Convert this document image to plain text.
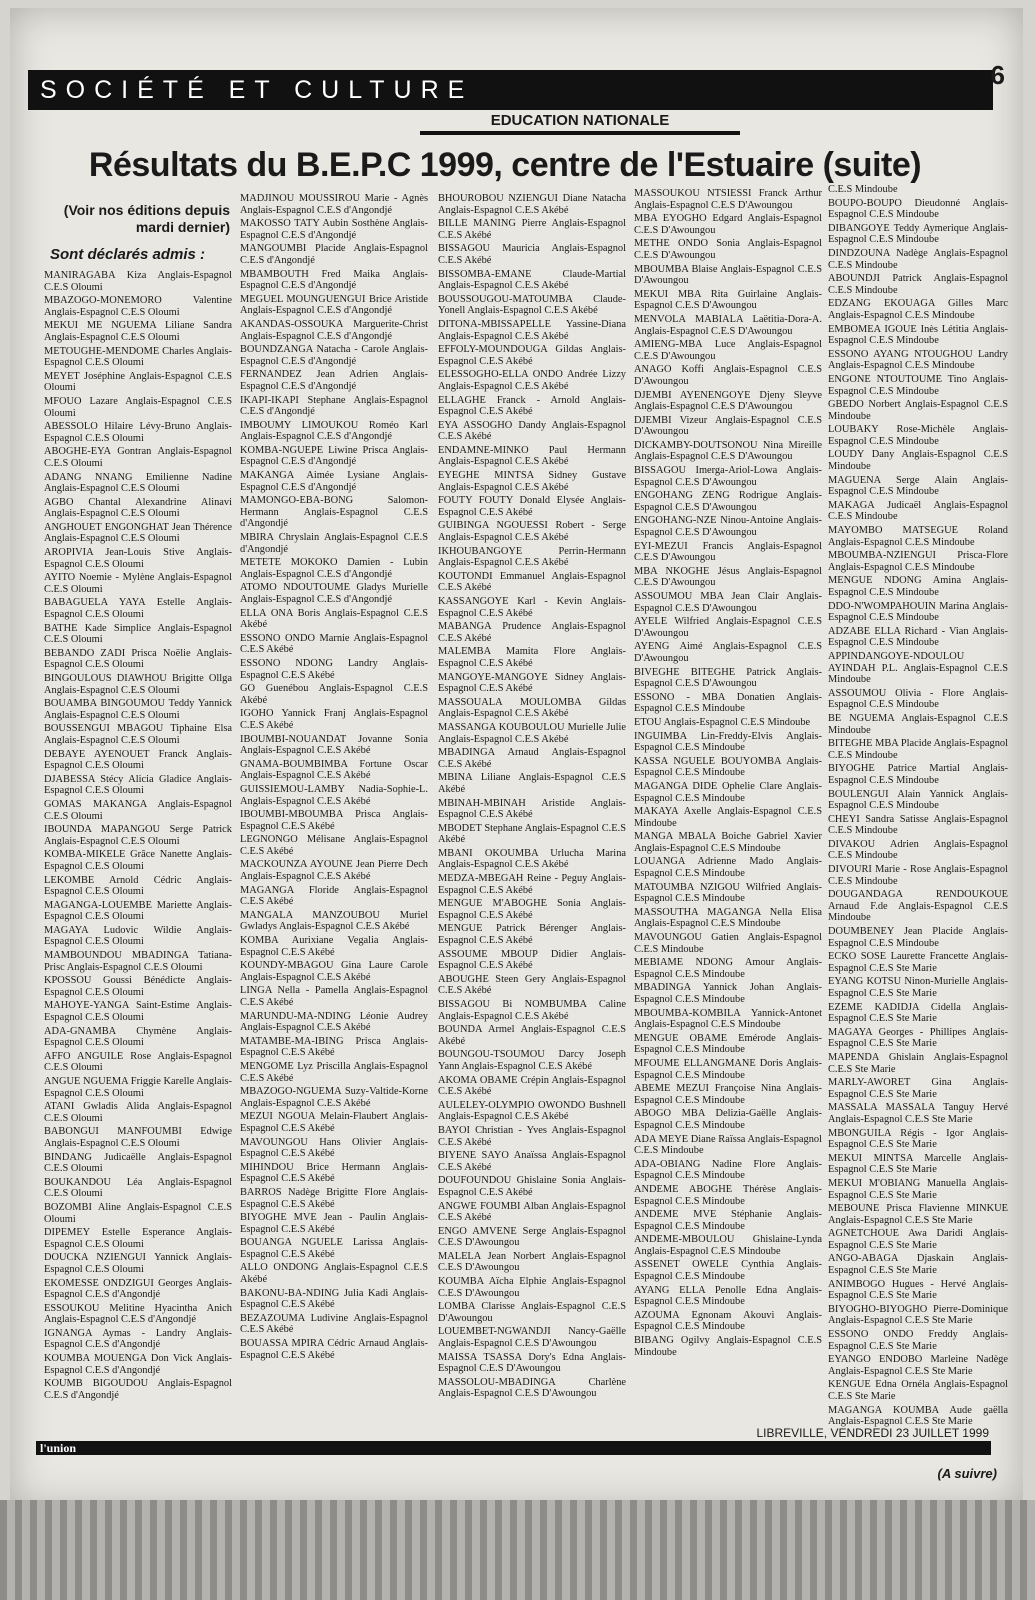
SOCIÉTÉ ET CULTURE	6
EDUCATION NATIONALE
Résultats du B.E.P.C 1999, centre de l'Estuaire (suite)
(Voir nos éditions depuis mardi dernier)
Sont déclarés admis :

MANIRAGABA Kiza Anglais-Espagnol C.E.S Oloumi

MBAZOGO-MONEMORO Valentine Anglais-Espagnol C.E.S Oloumi

MEKUI ME NGUEMA Liliane Sandra Anglais-Espagnol C.E.S Oloumi

METOUGHE-MENDOME Charles Anglais-Espagnol C.E.S Oloumi

MEYET Joséphine Anglais-Espagnol C.E.S Oloumi

MFOUO Lazare Anglais-Espagnol C.E.S Oloumi

ABESSOLO Hilaire Lévy-Bruno Anglais-Espagnol C.E.S Oloumi

ABOGHE-EYA Gontran Anglais-Espagnol C.E.S Oloumi

ADANG NNANG Emilienne Nadine Anglais-Espagnol C.E.S Oloumi

AGBO Chantal Alexandrine Alinavi Anglais-Espagnol C.E.S Oloumi

ANGHOUET ENGONGHAT Jean Thérence Anglais-Espagnol C.E.S Oloumi

AROPIVIA Jean-Louis Stive Anglais-Espagnol C.E.S Oloumi

AYITO Noemie - Mylène Anglais-Espagnol C.E.S Oloumi

BABAGUELA YAYA Estelle Anglais-Espagnol C.E.S Oloumi

BATHE Kade Simplice Anglais-Espagnol C.E.S Oloumi

BEBANDO ZADI Prisca Noëlie Anglais-Espagnol C.E.S Oloumi

BINGOULOUS DIAWHOU Brigitte Ollga Anglais-Espagnol C.E.S Oloumi

BOUAMBA BINGOUMOU Teddy Yannick Anglais-Espagnol C.E.S Oloumi

BOUSSENGUI MBAGOU Tiphaine Elsa Anglais-Espagnol C.E.S Oloumi

DEBAYE AYENOUET Franck Anglais-Espagnol C.E.S Oloumi

DJABESSA Stécy Alicia Gladice Anglais-Espagnol C.E.S Oloumi

GOMAS MAKANGA Anglais-Espagnol C.E.S Oloumi

IBOUNDA MAPANGOU Serge Patrick Anglais-Espagnol C.E.S Oloumi

KOMBA-MIKELE Grâce Nanette Anglais-Espagnol C.E.S Oloumi

LEKOMBE Arnold Cédric Anglais-Espagnol C.E.S Oloumi

MAGANGA-LOUEMBE Mariette Anglais-Espagnol C.E.S Oloumi

MAGAYA Ludovic Wildie Anglais-Espagnol C.E.S Oloumi

MAMBOUNDOU MBADINGA Tatiana-Prisc Anglais-Espagnol C.E.S Oloumi

KPOSSOU Goussi Bénédicte Anglais-Espagnol C.E.S Oloumi

MAHOYE-YANGA Saint-Estime Anglais-Espagnol C.E.S Oloumi

ADA-GNAMBA Chymène Anglais-Espagnol C.E.S Oloumi

AFFO ANGUILE Rose Anglais-Espagnol C.E.S Oloumi

ANGUE NGUEMA Friggie Karelle Anglais-Espagnol C.E.S Oloumi

ATANI Gwladis Alida Anglais-Espagnol C.E.S Oloumi

BABONGUI MANFOUMBI Edwige Anglais-Espagnol C.E.S Oloumi

BINDANG Judicaëlle Anglais-Espagnol C.E.S Oloumi

BOUKANDOU Léa Anglais-Espagnol C.E.S Oloumi

BOZOMBI Aline Anglais-Espagnol C.E.S Oloumi

DIPEMEY Estelle Esperance Anglais-Espagnol C.E.S Oloumi

DOUCKA NZIENGUI Yannick Anglais-Espagnol C.E.S Oloumi

EKOMESSE ONDZIGUI Georges Anglais-Espagnol C.E.S d'Angondjé

ESSOUKOU Melitine Hyacintha Anich Anglais-Espagnol C.E.S d'Angondjé

IGNANGA Aymas - Landry Anglais-Espagnol C.E.S d'Angondjé

KOUMBA MOUENGA Don Vick Anglais-Espagnol C.E.S d'Angondjé

KOUMB BIGOUDOU Anglais-Espagnol C.E.S d'Angondjé

MADJINOU MOUSSIROU Marie - Agnès Anglais-Espagnol C.E.S d'Angondjé

MAKOSSO TATY Aubin Sosthène Anglais-Espagnol C.E.S d'Angondjé

MANGOUMBI Placide Anglais-Espagnol C.E.S d'Angondjé

MBAMBOUTH Fred Maika Anglais-Espagnol C.E.S d'Angondjé

MEGUEL MOUNGUENGUI Brice Aristide Anglais-Espagnol C.E.S d'Angondjé

AKANDAS-OSSOUKA Marguerite-Christ Anglais-Espagnol C.E.S d'Angondjé

BOUNDZANGA Natacha - Carole Anglais-Espagnol C.E.S d'Angondjé

FERNANDEZ Jean Adrien Anglais-Espagnol C.E.S d'Angondjé

IKAPI-IKAPI Stephane Anglais-Espagnol C.E.S d'Angondjé

IMBOUMY LIMOUKOU Roméo Karl Anglais-Espagnol C.E.S d'Angondjé

KOMBA-NGUEPE Liwine Prisca Anglais-Espagnol C.E.S d'Angondjé

MAKANGA Aimée Lysiane Anglais-Espagnol C.E.S d'Angondjé

MAMONGO-EBA-BONG Salomon-Hermann Anglais-Espagnol C.E.S d'Angondjé

MBIRA Chryslain Anglais-Espagnol C.E.S d'Angondjé

METETE MOKOKO Damien - Lubin Anglais-Espagnol C.E.S d'Angondjé

ATOMO NDOUTOUME Gladys Murielle Anglais-Espagnol C.E.S d'Angondjé

ELLA ONA Boris Anglais-Espagnol C.E.S Akébé

ESSONO ONDO Marnie Anglais-Espagnol C.E.S Akébé

ESSONO NDONG Landry Anglais-Espagnol C.E.S Akébé

GO Guenébou Anglais-Espagnol C.E.S Akébé

IGOHO Yannick Franj Anglais-Espagnol C.E.S Akébé

IBOUMBI-NOUANDAT Jovanne Sonia Anglais-Espagnol C.E.S Akébé

GNAMA-BOUMBIMBA Fortune Oscar Anglais-Espagnol C.E.S Akébé

GUISSIEMOU-LAMBY Nadia-Sophie-L. Anglais-Espagnol C.E.S Akébé

IBOUMBI-MBOUMBA Prisca Anglais-Espagnol C.E.S Akébé

LEGNONGO Mélisane Anglais-Espagnol C.E.S Akébé

MACKOUNZA AYOUNE Jean Pierre Dech Anglais-Espagnol C.E.S Akébé

MAGANGA Floride Anglais-Espagnol C.E.S Akébé

MANGALA MANZOUBOU Muriel Gwladys Anglais-Espagnol C.E.S Akébé

KOMBA Aurixiane Vegalia Anglais-Espagnol C.E.S Akébé

KOUNDY-MBAGOU Gina Laure Carole Anglais-Espagnol C.E.S Akébé

LINGA Nella - Pamella Anglais-Espagnol C.E.S Akébé

MARUNDU-MA-NDING Léonie Audrey Anglais-Espagnol C.E.S Akébé

MATAMBE-MA-IBING Prisca Anglais-Espagnol C.E.S Akébé

MENGOME Lyz Priscilla Anglais-Espagnol C.E.S Akébé

MBAZOGO-NGUEMA Suzy-Valtide-Korne Anglais-Espagnol C.E.S Akébé

MEZUI NGOUA Melain-Flaubert Anglais-Espagnol C.E.S Akébé

MAVOUNGOU Hans Olivier Anglais-Espagnol C.E.S Akébé

MIHINDOU Brice Hermann Anglais-Espagnol C.E.S Akébé

BARROS Nadège Brigitte Flore Anglais-Espagnol C.E.S Akébé

BIYOGHE MVE Jean - Paulin Anglais-Espagnol C.E.S Akébé

BOUANGA NGUELE Larissa Anglais-Espagnol C.E.S Akébé

ALLO ONDONG Anglais-Espagnol C.E.S Akébé

BAKONU-BA-NDING Julia Kadi Anglais-Espagnol C.E.S Akébé

BEZAZOUMA Ludivine Anglais-Espagnol C.E.S Akébé

BOUASSA MPIRA Cédric Arnaud Anglais-Espagnol C.E.S Akébé

BHOUROBOU NZIENGUI Diane Natacha Anglais-Espagnol C.E.S Akébé

BILLE MANING Pierre Anglais-Espagnol C.E.S Akébé

BISSAGOU Mauricia Anglais-Espagnol C.E.S Akébé

BISSOMBA-EMANE Claude-Martial Anglais-Espagnol C.E.S Akébé

BOUSSOUGOU-MATOUMBA Claude-Yonell Anglais-Espagnol C.E.S Akébé

DITONA-MBISSAPELLE Yassine-Diana Anglais-Espagnol C.E.S Akébé

EFFOLY-MOUNDOUGA Gildas Anglais-Espagnol C.E.S Akébé

ELESSOGHO-ELLA ONDO Andrée Lizzy Anglais-Espagnol C.E.S Akébé

ELLAGHE Franck - Arnold Anglais-Espagnol C.E.S Akébé

EYA ASSOGHO Dandy Anglais-Espagnol C.E.S Akébé

ENDAMNE-MINKO Paul Hermann Anglais-Espagnol C.E.S Akébé

EYEGHE MINTSA Sidney Gustave Anglais-Espagnol C.E.S Akébé

FOUTY FOUTY Donald Elysée Anglais-Espagnol C.E.S Akébé

GUIBINGA NGOUESSI Robert - Serge Anglais-Espagnol C.E.S Akébé

IKHOUBANGOYE Perrin-Hermann Anglais-Espagnol C.E.S Akébé

KOUTONDI Emmanuel Anglais-Espagnol C.E.S Akébé

KASSANGOYE Karl - Kevin Anglais-Espagnol C.E.S Akébé

MABANGA Prudence Anglais-Espagnol C.E.S Akébé

MALEMBA Mamita Flore Anglais-Espagnol C.E.S Akébé

MANGOYE-MANGOYE Sidney Anglais-Espagnol C.E.S Akébé

MASSOUALA MOULOMBA Gildas Anglais-Espagnol C.E.S Akébé

MASSANGA KOUBOULOU Murielle Julie Anglais-Espagnol C.E.S Akébé

MBADINGA Arnaud Anglais-Espagnol C.E.S Akébé

MBINA Liliane Anglais-Espagnol C.E.S Akébé

MBINAH-MBINAH Aristide Anglais-Espagnol C.E.S Akébé

MBODET Stephane Anglais-Espagnol C.E.S Akébé

MBANI OKOUMBA Urlucha Marina Anglais-Espagnol C.E.S Akébé

MEDZA-MBEGAH Reine - Peguy Anglais-Espagnol C.E.S Akébé

MENGUE M'ABOGHE Sonia Anglais-Espagnol C.E.S Akébé

MENGUE Patrick Bérenger Anglais-Espagnol C.E.S Akébé

ASSOUME MBOUP Didier Anglais-Espagnol C.E.S Akébé

ABOUGHE Steen Gery Anglais-Espagnol C.E.S Akébé

BISSAGOU Bi NOMBUMBA Caline Anglais-Espagnol C.E.S Akébé

BOUNDA Armel Anglais-Espagnol C.E.S Akébé

BOUNGOU-TSOUMOU Darcy Joseph Yann Anglais-Espagnol C.E.S Akébé

AKOMA OBAME Crépin Anglais-Espagnol C.E.S Akébé

AULELEY-OLYMPIO OWONDO Bushnell Anglais-Espagnol C.E.S Akébé

BAYOI Christian - Yves Anglais-Espagnol C.E.S Akébé

BIYENE SAYO Anaïssa Anglais-Espagnol C.E.S Akébé

DOUFOUNDOU Ghislaine Sonia Anglais-Espagnol C.E.S Akébé

ANGWE FOUMBI Alban Anglais-Espagnol C.E.S Akébé

ENGO AMVENE Serge Anglais-Espagnol C.E.S D'Awoungou

MALELA Jean Norbert Anglais-Espagnol C.E.S D'Awoungou

KOUMBA Aïcha Elphie Anglais-Espagnol C.E.S D'Awoungou

LOMBA Clarisse Anglais-Espagnol C.E.S D'Awoungou

LOUEMBET-NGWANDJI Nancy-Gaëlle Anglais-Espagnol C.E.S D'Awoungou

MAISSA TSASSA Dory's Edna Anglais-Espagnol C.E.S D'Awoungou

MASSOLOU-MBADINGA Charlène Anglais-Espagnol C.E.S D'Awoungou

MASSOUKOU NTSIESSI Franck Arthur Anglais-Espagnol C.E.S D'Awoungou

MBA EYOGHO Edgard Anglais-Espagnol C.E.S D'Awoungou

METHE ONDO Sonia Anglais-Espagnol C.E.S D'Awoungou

MBOUMBA Blaise Anglais-Espagnol C.E.S D'Awoungou

MEKUI MBA Rita Guirlaine Anglais-Espagnol C.E.S D'Awoungou

MENVOLA MABIALA Laëtitia-Dora-A. Anglais-Espagnol C.E.S D'Awoungou

AMIENG-MBA Luce Anglais-Espagnol C.E.S D'Awoungou

ANAGO Koffi Anglais-Espagnol C.E.S D'Awoungou

DJEMBI AYENENGOYE Djeny Sleyve Anglais-Espagnol C.E.S D'Awoungou

DJEMBI Vizeur Anglais-Espagnol C.E.S D'Awoungou

DICKAMBY-DOUTSONOU Nina Mireille Anglais-Espagnol C.E.S D'Awoungou

BISSAGOU Imerga-Ariol-Lowa Anglais-Espagnol C.E.S D'Awoungou

ENGOHANG ZENG Rodrigue Anglais-Espagnol C.E.S D'Awoungou

ENGOHANG-NZE Ninou-Antoine Anglais-Espagnol C.E.S D'Awoungou

EYI-MEZUI Francis Anglais-Espagnol C.E.S D'Awoungou

MBA NKOGHE Jésus Anglais-Espagnol C.E.S D'Awoungou

ASSOUMOU MBA Jean Clair Anglais-Espagnol C.E.S D'Awoungou

AYELE Wilfried Anglais-Espagnol C.E.S D'Awoungou

AYENG Aimé Anglais-Espagnol C.E.S D'Awoungou

BIVEGHE BITEGHE Patrick Anglais-Espagnol C.E.S D'Awoungou

ESSONO - MBA Donatien Anglais-Espagnol C.E.S Mindoube

ETOU Anglais-Espagnol C.E.S Mindoube

INGUIMBA Lin-Freddy-Elvis Anglais-Espagnol C.E.S Mindoube

KASSA NGUELE BOUYOMBA Anglais-Espagnol C.E.S Mindoube

MAGANGA DIDE Ophelie Clare Anglais-Espagnol C.E.S Mindoube

MAKAYA Axelle Anglais-Espagnol C.E.S Mindoube

MANGA MBALA Boiche Gabriel Xavier Anglais-Espagnol C.E.S Mindoube

LOUANGA Adrienne Mado Anglais-Espagnol C.E.S Mindoube

MATOUMBA NZIGOU Wilfried Anglais-Espagnol C.E.S Mindoube

MASSOUTHA MAGANGA Nella Elisa Anglais-Espagnol C.E.S Mindoube

MAVOUNGOU Gatien Anglais-Espagnol C.E.S Mindoube

MEBIAME NDONG Amour Anglais-Espagnol C.E.S Mindoube

MBADINGA Yannick Johan Anglais-Espagnol C.E.S Mindoube

MBOUMBA-KOMBILA Yannick-Antonet Anglais-Espagnol C.E.S Mindoube

MENGUE OBAME Emérode Anglais-Espagnol C.E.S Mindoube

MFOUME ELLANGMANE Doris Anglais-Espagnol C.E.S Mindoube

ABEME MEZUI Françoise Nina Anglais-Espagnol C.E.S Mindoube

ABOGO MBA Delizia-Gaëlle Anglais-Espagnol C.E.S Mindoube

ADA MEYE Diane Raïssa Anglais-Espagnol C.E.S Mindoube

ADA-OBIANG Nadine Flore Anglais-Espagnol C.E.S Mindoube

ANDEME ABOGHE Thérèse Anglais-Espagnol C.E.S Mindoube

ANDEME MVE Stéphanie Anglais-Espagnol C.E.S Mindoube

ANDEME-MBOULOU Ghislaine-Lynda Anglais-Espagnol C.E.S Mindoube

ASSENET OWELE Cynthia Anglais-Espagnol C.E.S Mindoube

AYANG ELLA Penolle Edna Anglais-Espagnol C.E.S Mindoube

AZOUMA Egnonam Akouvi Anglais-Espagnol C.E.S Mindoube

BIBANG Ogilvy Anglais-Espagnol C.E.S Mindoube

C.E.S Mindoube

BOUPO-BOUPO Dieudonné Anglais-Espagnol C.E.S Mindoube

DIBANGOYE Teddy Aymerique Anglais-Espagnol C.E.S Mindoube

DINDZOUNA Nadège Anglais-Espagnol C.E.S Mindoube

ABOUNDJI Patrick Anglais-Espagnol C.E.S Mindoube

EDZANG EKOUAGA Gilles Marc Anglais-Espagnol C.E.S Mindoube

EMBOMEA IGOUE Inès Létitia Anglais-Espagnol C.E.S Mindoube

ESSONO AYANG NTOUGHOU Landry Anglais-Espagnol C.E.S Mindoube

ENGONE NTOUTOUME Tino Anglais-Espagnol C.E.S Mindoube

GBEDO Norbert Anglais-Espagnol C.E.S Mindoube

LOUBAKY Rose-Michèle Anglais-Espagnol C.E.S Mindoube

LOUDY Dany Anglais-Espagnol C.E.S Mindoube

MAGUENA Serge Alain Anglais-Espagnol C.E.S Mindoube

MAKAGA Judicaël Anglais-Espagnol C.E.S Mindoube

MAYOMBO MATSEGUE Roland Anglais-Espagnol C.E.S Mindoube

MBOUMBA-NZIENGUI Prisca-Flore Anglais-Espagnol C.E.S Mindoube

MENGUE NDONG Amina Anglais-Espagnol C.E.S Mindoube

DDO-N'WOMPAHOUIN Marina Anglais-Espagnol C.E.S Mindoube

ADZABE ELLA Richard - Vian Anglais-Espagnol C.E.S Mindoube

APPINDANGOYE-NDOULOU AYINDAH P.L. Anglais-Espagnol C.E.S Mindoube

ASSOUMOU Olivia - Flore Anglais-Espagnol C.E.S Mindoube

BE NGUEMA Anglais-Espagnol C.E.S Mindoube

BITEGHE MBA Placide Anglais-Espagnol C.E.S Mindoube

BIYOGHE Patrice Martial Anglais-Espagnol C.E.S Mindoube

BOULENGUI Alain Yannick Anglais-Espagnol C.E.S Mindoube

CHEYI Sandra Satisse Anglais-Espagnol C.E.S Mindoube

DIVAKOU Adrien Anglais-Espagnol C.E.S Mindoube

DIVOURI Marie - Rose Anglais-Espagnol C.E.S Mindoube

DOUGANDAGA RENDOUKOUE Arnaud F.de Anglais-Espagnol C.E.S Mindoube

DOUMBENEY Jean Placide Anglais-Espagnol C.E.S Mindoube

ECKO SOSE Laurette Francette Anglais-Espagnol C.E.S Ste Marie

EYANG KOTSU Ninon-Murielle Anglais-Espagnol C.E.S Ste Marie

EZEME KADIDJA Cidella Anglais-Espagnol C.E.S Ste Marie

MAGAYA Georges - Phillipes Anglais-Espagnol C.E.S Ste Marie

MAPENDA Ghislain Anglais-Espagnol C.E.S Ste Marie

MARLY-AWORET Gina Anglais-Espagnol C.E.S Ste Marie

MASSALA MASSALA Tanguy Hervé Anglais-Espagnol C.E.S Ste Marie

MBONGUILA Régis - Igor Anglais-Espagnol C.E.S Ste Marie

MEKUI MINTSA Marcelle Anglais-Espagnol C.E.S Ste Marie

MEKUI M'OBIANG Manuella Anglais-Espagnol C.E.S Ste Marie

MEBOUNE Prisca Flavienne MINKUE Anglais-Espagnol C.E.S Ste Marie

AGNETCHOUE Awa Daridi Anglais-Espagnol C.E.S Ste Marie

ANGO-ABAGA Djaskain Anglais-Espagnol C.E.S Ste Marie

ANIMBOGO Hugues - Hervé Anglais-Espagnol C.E.S Ste Marie

BIYOGHO-BIYOGHO Pierre-Dominique Anglais-Espagnol C.E.S Ste Marie

ESSONO ONDO Freddy Anglais-Espagnol C.E.S Ste Marie

EYANGO ENDOBO Marleine Nadège Anglais-Espagnol C.E.S Ste Marie

KENGUE Edna Ornéla Anglais-Espagnol C.E.S Ste Marie

MAGANGA KOUMBA Aude gaëlla Anglais-Espagnol C.E.S Ste Marie

LIBREVILLE, VENDREDI 23 JUILLET 1999
l'union
(A suivre)
